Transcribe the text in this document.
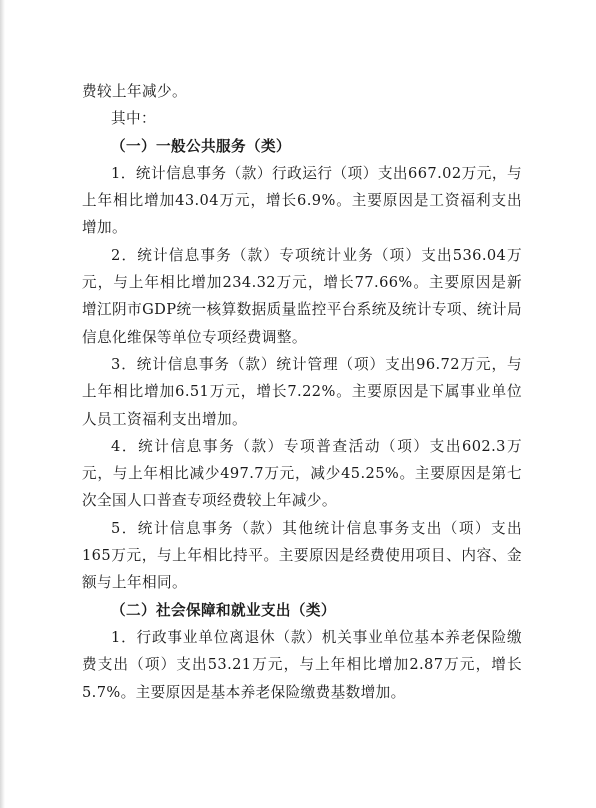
费较上年减少。

其中：

（一）一般公共服务（类）

1．统计信息事务（款）行政运行（项）支出667.02万元，与上年相比增加43.04万元，增长6.9%。主要原因是工资福利支出增加。

2．统计信息事务（款）专项统计业务（项）支出536.04万元，与上年相比增加234.32万元，增长77.66%。主要原因是新增江阴市GDP统一核算数据质量监控平台系统及统计专项、统计局信息化维保等单位专项经费调整。

3．统计信息事务（款）统计管理（项）支出96.72万元，与上年相比增加6.51万元，增长7.22%。主要原因是下属事业单位人员工资福利支出增加。

4．统计信息事务（款）专项普查活动（项）支出602.3万元，与上年相比减少497.7万元，减少45.25%。主要原因是第七次全国人口普查专项经费较上年减少。

5．统计信息事务（款）其他统计信息事务支出（项）支出165万元，与上年相比持平。主要原因是经费使用项目、内容、金额与上年相同。

（二）社会保障和就业支出（类）

1．行政事业单位离退休（款）机关事业单位基本养老保险缴费支出（项）支出53.21万元，与上年相比增加2.87万元，增长5.7%。主要原因是基本养老保险缴费基数增加。
